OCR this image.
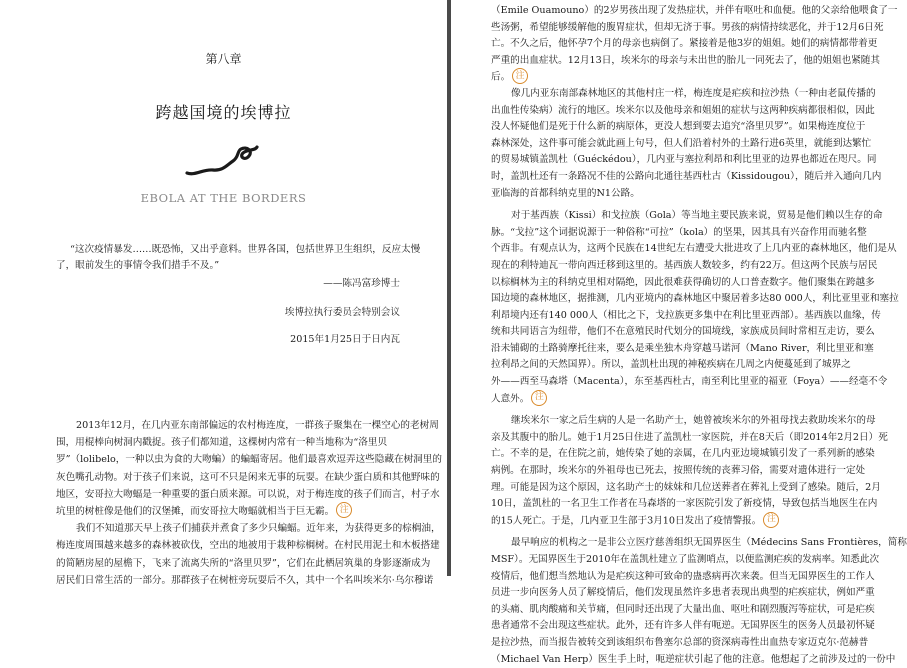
第八章
跨越国境的埃博拉
EBOLA AT THE BORDERS
“这次疫情暴发……既恐怖，又出乎意料。世界各国，包括世界卫生组织，反应太慢
了，眼前发生的事情令我们措手不及。”
——陈冯富珍博士
埃博拉执行委员会特别会议
2015年1月25日于日内瓦
2013年12月，在几内亚东南部偏远的农村梅连度，一群孩子聚集在一棵空心的老树周
围，用棍棒向树洞内戳捉。孩子们都知道，这棵树内常有一种当地称为“洛里贝
罗”（lolibelo，一种以虫为食的大吻蝙）的蝙蝠寄居。他们最喜欢逗弄这些隐藏在树洞里的
灰色嘴孔动物。对于孩子们来说，这可不只是闲来无事的玩耍。在缺少蛋白质和其他野味的
地区，安哥拉大吻蝠是一种重要的蛋白质来源。可以说，对于梅连度的孩子们而言，村子水
坑里的树桩像是他们的汉堡摊，而安哥拉大吻蝠就相当于巨无霸。 注
我们不知道那天早上孩子们捕获并煮食了多少只蝙蝠。近年来，为获得更多的棕榈油，
梅连度周围越来越多的森林被砍伐，空出的地被用于栽种棕榈树。在村民用泥土和木板搭建
的简陋房屋的屋檐下，飞来了流离失所的“洛里贝罗”，它们在此栖居筑巢的身影逐渐成为
居民们日常生活的一部分。那群孩子在树桩旁玩耍后不久，其中一个名叫埃米尔·乌尔穆诺
（Emile Ouamouno）的2岁男孩出现了发热症状，并伴有呕吐和血便。他的父亲给他喂食了一
些汤粥，希望能够缓解他的腹胃症状，但却无济于事。男孩的病情持续恶化，并于12月6日死
亡。不久之后，他怀孕7个月的母亲也病倒了。紧接着是他3岁的姐姐。她们的病情都带着更
严重的出血症状。12月13日，埃米尔的母亲与未出世的胎儿一同死去了，他的姐姐也紧随其
后。 注
像几内亚东南部森林地区的其他村庄一样，梅连度是疟疾和拉沙热（一种由老鼠传播的
出血性传染病）流行的地区。埃米尔以及他母亲和姐姐的症状与这两种疾病都很相似，因此
没人怀疑他们是死于什么新的病原体，更没人想到要去追究“洛里贝罗”。如果梅连度位于
森林深处，这件事可能会就此画上句号，但人们沿着村外的土路行进6英里，就能到达繁忙
的贸易城镇盖凯杜（Guéckédou），几内亚与塞拉利昂和利比里亚的边界也都近在咫尺。同
时，盖凯杜还有一条路况不佳的公路向北通往基西杜古（Kissidougou），随后并入通向几内
亚临海的首都科纳克里的N1公路。
对于基西族（Kissi）和戈拉族（Gola）等当地主要民族来说，贸易是他们赖以生存的命
脉。“戈拉”这个词据说源于一种俗称“可拉”（kola）的坚果，因其具有兴奋作用而驰名整
个西非。有观点认为，这两个民族在14世纪左右遭受大批进攻了上几内亚的森林地区，他们是从
现在的利特迪瓦一带向西迁移到这里的。基西族人数较多，约有22万。但这两个民族与居民
以棕榈林为主的科纳克里相对隔绝，因此很难获得确切的人口普查数字。他们聚集在跨越多
国边境的森林地区，据推测，几内亚境内的森林地区中聚居着多达80 000人，利比亚里亚和塞拉
利昂境内还有140 000人（相比之下，戈拉族更多集中在利比里亚西部）。基西族以血缘，传
统和共同语言为纽带，他们不在意殖民时代划分的国境线，家族成员间时常相互走访，要么
沿未铺砌的土路骑摩托往来，要么是乘坐独木舟穿越马诺河（Mano River，利比里亚和塞
拉利昂之间的天然国界）。所以，盖凯杜出现的神秘疾病在几周之内便蔓延到了城界之
外——西至马森塔（Macenta），东至基西杜古，南至利比里亚的福亚（Foya）——经毫不令
人意外。 注
继埃米尔一家之后生病的人是一名助产士，她曾被埃米尔的外祖母找去救助埃米尔的母
亲及其腹中的胎儿。她于1月25日住进了盖凯杜一家医院，并在8天后（即2014年2月2日）死
亡。不幸的是，在住院之前，她传染了她的亲属，在几内亚边境城镇引发了一系列新的感染
病例。在那时，埃米尔的外祖母也已死去，按照传统的丧葬习俗，需要对遗体进行一定处
理。可能是因为这个原因，这名助产士的妹妹和几位送葬者在葬礼上受到了感染。随后，2月
10日，盖凯杜的一名卫生工作者在马森塔的一家医院引发了新疫情，导致包括当地医生在内
的15人死亡。于是，几内亚卫生部于3月10日发出了疫情警报。 注
最早响应的机构之一是非公立医疗慈善组织无国界医生（Médecins Sans Frontières，简称
MSF）。无国界医生于2010年在盖凯杜建立了监测哨点，以便监测疟疾的发病率。知悉此次
疫情后，他们想当然地认为是疟疾这种可致命的蛊惑病再次来袭。但当无国界医生的工作人
员进一步向医务人员了解疫情后，他们发现虽然许多患者表现出典型的疟疾症状，例如严重
的头痛、肌肉酸痛和关节痛，但同时还出现了大量出血、呕吐和剧烈腹泻等症状，可是疟疾
患者通常不会出现这些症状。此外，还有许多人伴有呃逆。无国界医生的医务人员最初怀疑
是拉沙热，而当报告被转交到该组织布鲁塞尔总部的资深病毒性出血热专家迈克尔·范赫普
（Michael Van Herp）医生手上时，呃逆症状引起了他的注意。他想起了之前涉及过的一份中
